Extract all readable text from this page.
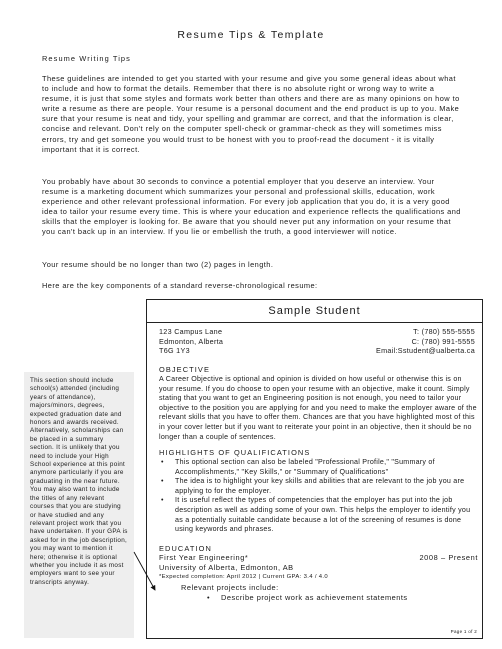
Resume Tips & Template
Resume Writing Tips

These guidelines are intended to get you started with your resume and give you some general ideas about what to include and how to format the details. Remember that there is no absolute right or wrong way to write a resume, it is just that some styles and formats work better than others and there are as many opinions on how to write a resume as there are people. Your resume is a personal document and the end product is up to you. Make sure that your resume is neat and tidy, your spelling and grammar are correct, and that the information is clear, concise and relevant. Don't rely on the computer spell-check or grammar-check as they will sometimes miss errors, try and get someone you would trust to be honest with you to proof-read the document - it is vitally important that it is correct.

You probably have about 30 seconds to convince a potential employer that you deserve an interview. Your resume is a marketing document which summarizes your personal and professional skills, education, work experience and other relevant professional information. For every job application that you do, it is a very good idea to tailor your resume every time. This is where your education and experience reflects the qualifications and skills that the employer is looking for. Be aware that you should never put any information on your resume that you can't back up in an interview. If you lie or embellish the truth, a good interviewer will notice.

Your resume should be no longer than two (2) pages in length.

Here are the key components of a standard reverse-chronological resume:

Sample Student
123 Campus Lane
Edmonton, Alberta
T6G 1Y3
T: (780) 555-5555
C: (780) 991-5555
Email:Sstudent@ualberta.ca
OBJECTIVE

A Career Objective is optional and opinion is divided on how useful or otherwise this is on your resume. If you do choose to open your resume with an objective, make it count. Simply stating that you want to get an Engineering position is not enough, you need to tailor your objective to the position you are applying for and you need to make the employer aware of the relevant skills that you have to offer them. Chances are that you have highlighted most of this in your cover letter but if you want to reiterate your point in an objective, then it should be no longer than a couple of sentences.

HIGHLIGHTS OF QUALIFICATIONS
• This optional section can also be labeled "Professional Profile," "Summary of Accomplishments," "Key Skills," or "Summary of Qualifications"
• The idea is to highlight your key skills and abilities that are relevant to the job you are applying to for the employer.
• It is useful reflect the types of competencies that the employer has put into the job description as well as adding some of your own. This helps the employer to identify you as a potentially suitable candidate because a lot of the screening of resumes is done using keywords and phrases.
EDUCATION
First Year Engineering*	2008 – Present
University of Alberta, Edmonton, AB
*Expected completion: April 2012 | Current GPA: 3.4 / 4.0
Relevant projects include:
• Describe project work as achievement statements
Page 1 of 2

This section should include school(s) attended (including years of attendance), majors/minors, degrees, expected graduation date and honors and awards received. Alternatively, scholarships can be placed in a summary section. It is unlikely that you need to include your High School experience at this point anymore particularly if you are graduating in the near future.

You may also want to include the titles of any relevant courses that you are studying or have studied and any relevant project work that you have undertaken. If your GPA is asked for in the job description, you may want to mention it here; otherwise it is optional whether you include it as most employers want to see your transcripts anyway.
